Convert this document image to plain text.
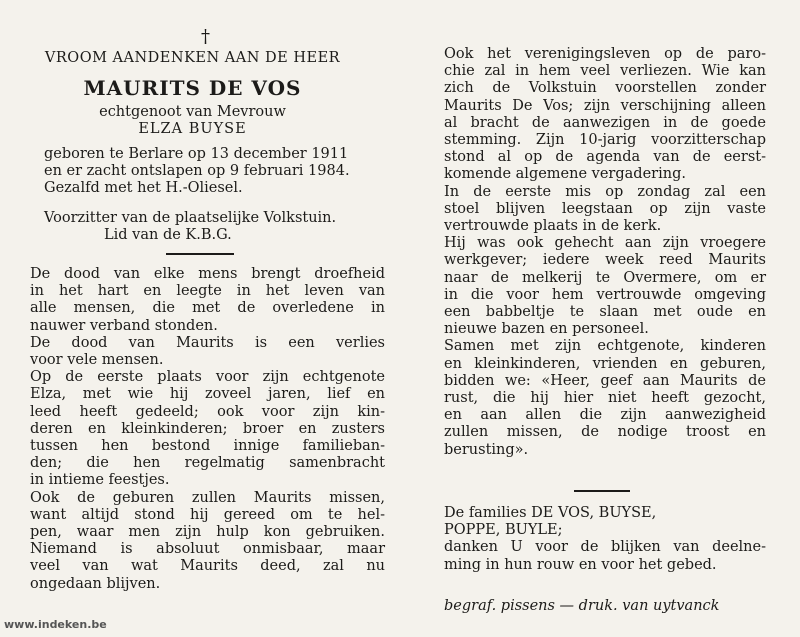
†
VROOM AANDENKEN AAN DE HEER
MAURITS DE VOS
echtgenoot van Mevrouw
ELZA BUYSE
geboren te Berlare op 13 december 1911
en er zacht ontslapen op 9 februari 1984.
Gezalfd met het H.-Oliesel.
Voorzitter van de plaatselijke Volkstuin.
Lid van de K.B.G.
De dood van elke mens brengt droefheid
in het hart en leegte in het leven van
alle mensen, die met de overledene in
nauwer verband stonden.
De dood van Maurits is een verlies
voor vele mensen.
Op de eerste plaats voor zijn echtgenote
Elza, met wie hij zoveel jaren, lief en
leed heeft gedeeld; ook voor zijn kin-
deren en kleinkinderen; broer en zusters
tussen hen bestond innige familieban-
den; die hen regelmatig samenbracht
in intieme feestjes.
Ook de geburen zullen Maurits missen,
want altijd stond hij gereed om te hel-
pen, waar men zijn hulp kon gebruiken.
Niemand is absoluut onmisbaar, maar
veel van wat Maurits deed, zal nu
ongedaan blijven.
Ook het verenigingsleven op de paro-
chie zal in hem veel verliezen. Wie kan
zich de Volkstuin voorstellen zonder
Maurits De Vos; zijn verschijning alleen
al bracht de aanwezigen in de goede
stemming. Zijn 10-jarig voorzitterschap
stond al op de agenda van de eerst-
komende algemene vergadering.
In de eerste mis op zondag zal een
stoel blijven leegstaan op zijn vaste
vertrouwde plaats in de kerk.
Hij was ook gehecht aan zijn vroegere
werkgever; iedere week reed Maurits
naar de melkerij te Overmere, om er
in die voor hem vertrouwde omgeving
een babbeltje te slaan met oude en
nieuwe bazen en personeel.
Samen met zijn echtgenote, kinderen
en kleinkinderen, vrienden en geburen,
bidden we: «Heer, geef aan Maurits de
rust, die hij hier niet heeft gezocht,
en aan allen die zijn aanwezigheid
zullen missen, de nodige troost en
berusting».
De families DE VOS, BUYSE,
POPPE, BUYLE;
danken U voor de blijken van deelne-
ming in hun rouw en voor het gebed.
begraf. pissens — druk. van uytvanck
www.indeken.be
